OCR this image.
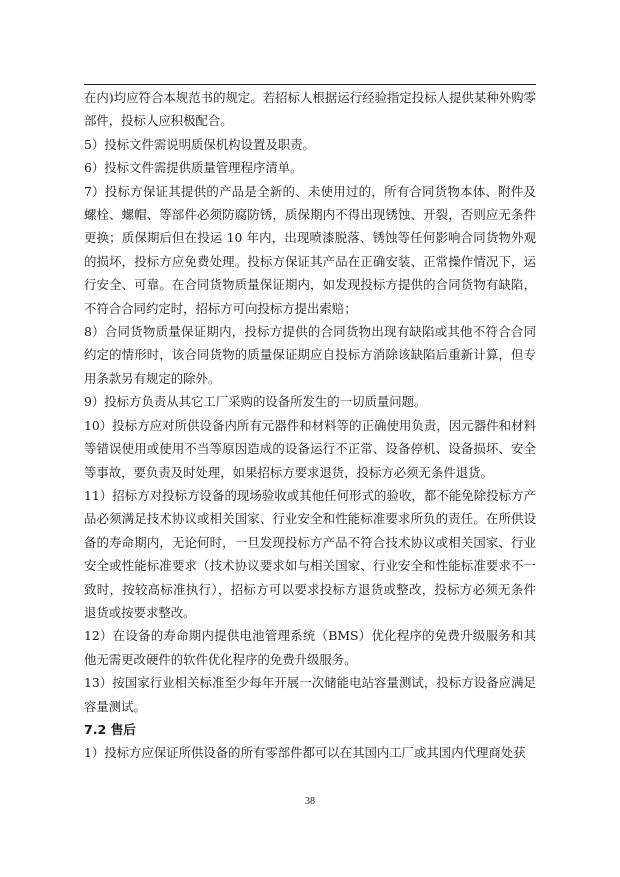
在内)均应符合本规范书的规定。若招标人根据运行经验指定投标人提供某种外购零部件，投标人应积极配合。

5）投标文件需说明质保机构设置及职责。

6）投标文件需提供质量管理程序清单。

7）投标方保证其提供的产品是全新的、未使用过的，所有合同货物本体、附件及螺栓、螺帽、等部件必须防腐防锈，质保期内不得出现锈蚀、开裂，否则应无条件更换；质保期后但在投运 10 年内，出现喷漆脱落、锈蚀等任何影响合同货物外观的损坏，投标方应免费处理。投标方保证其产品在正确安装、正常操作情况下，运行安全、可靠。在合同货物质量保证期内，如发现投标方提供的合同货物有缺陷，不符合合同约定时，招标方可向投标方提出索赔；

8）合同货物质量保证期内，投标方提供的合同货物出现有缺陷或其他不符合合同约定的情形时，该合同货物的质量保证期应自投标方消除该缺陷后重新计算，但专用条款另有规定的除外。

9）投标方负责从其它工厂采购的设备所发生的一切质量问题。

10）投标方应对所供设备内所有元器件和材料等的正确使用负责，因元器件和材料等错误使用或使用不当等原因造成的设备运行不正常、设备停机、设备损坏、安全等事故，要负责及时处理，如果招标方要求退货，投标方必须无条件退货。

11）招标方对投标方设备的现场验收或其他任何形式的验收，都不能免除投标方产品必须满足技术协议或相关国家、行业安全和性能标准要求所负的责任。在所供设备的寿命期内，无论何时，一旦发现投标方产品不符合技术协议或相关国家、行业安全或性能标准要求（技术协议要求如与相关国家、行业安全和性能标准要求不一致时，按较高标准执行），招标方可以要求投标方退货或整改，投标方必须无条件退货或按要求整改。

12）在设备的寿命期内提供电池管理系统（BMS）优化程序的免费升级服务和其他无需更改硬件的软件优化程序的免费升级服务。

13）按国家行业相关标准至少每年开展一次储能电站容量测试，投标方设备应满足容量测试。

7.2 售后

1）投标方应保证所供设备的所有零部件都可以在其国内工厂或其国内代理商处获

38
